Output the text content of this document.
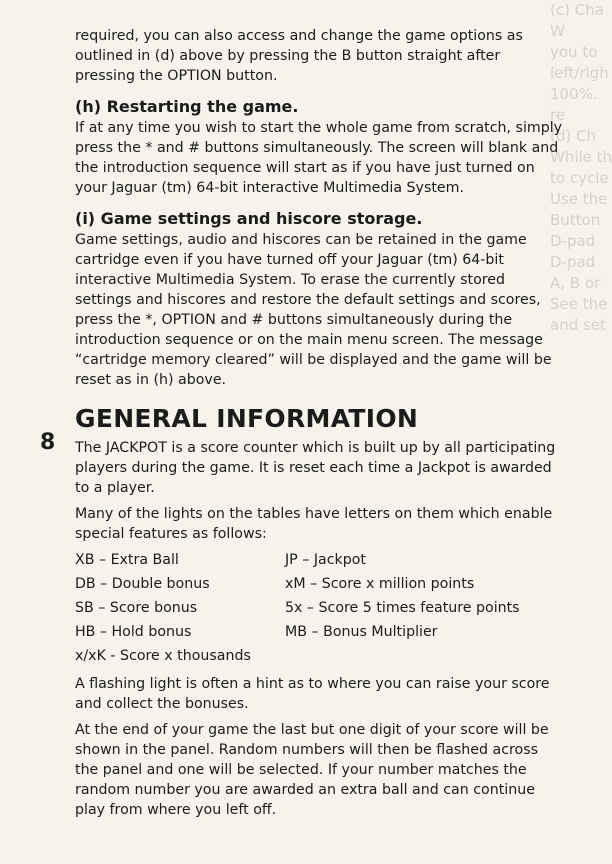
(c) Cha
W
you to
left/righ
100%.
re
(d) Ch
While th
to cycle
Use the
Button
D-pad
D-pad
A, B or
See the
and set
8

required, you can also access and change the game options as outlined in (d) above by pressing the B button straight after pressing the OPTION button.

(h) Restarting the game.

If at any time you wish to start the whole game from scratch, simply press the * and # buttons simultaneously. The screen will blank and the introduction sequence will start as if you have just turned on your Jaguar (tm) 64-bit interactive Multimedia System.

(i) Game settings and hiscore storage.

Game settings, audio and hiscores can be retained in the game cartridge even if you have turned off your Jaguar (tm) 64-bit interactive Multimedia System. To erase the currently stored settings and hiscores and restore the default settings and scores, press the *, OPTION and # buttons simultaneously during the introduction sequence or on the main menu screen. The message “cartridge memory cleared” will be displayed and the game will be reset as in (h) above.

GENERAL INFORMATION

The JACKPOT is a score counter which is built up by all participating players during the game. It is reset each time a Jackpot is awarded to a player.

Many of the lights on the tables have letters on them which enable special features as follows:

XB – Extra Ball	JP – Jackpot
DB – Double bonus	xM – Score x million points
SB – Score bonus	5x – Score 5 times feature points
HB – Hold bonus	MB – Bonus Multiplier
x/xK - Score x thousands	

A flashing light is often a hint as to where you can raise your score and collect the bonuses.

At the end of your game the last but one digit of your score will be shown in the panel. Random numbers will then be flashed across the panel and one will be selected. If your number matches the random number you are awarded an extra ball and can continue play from where you left off.
